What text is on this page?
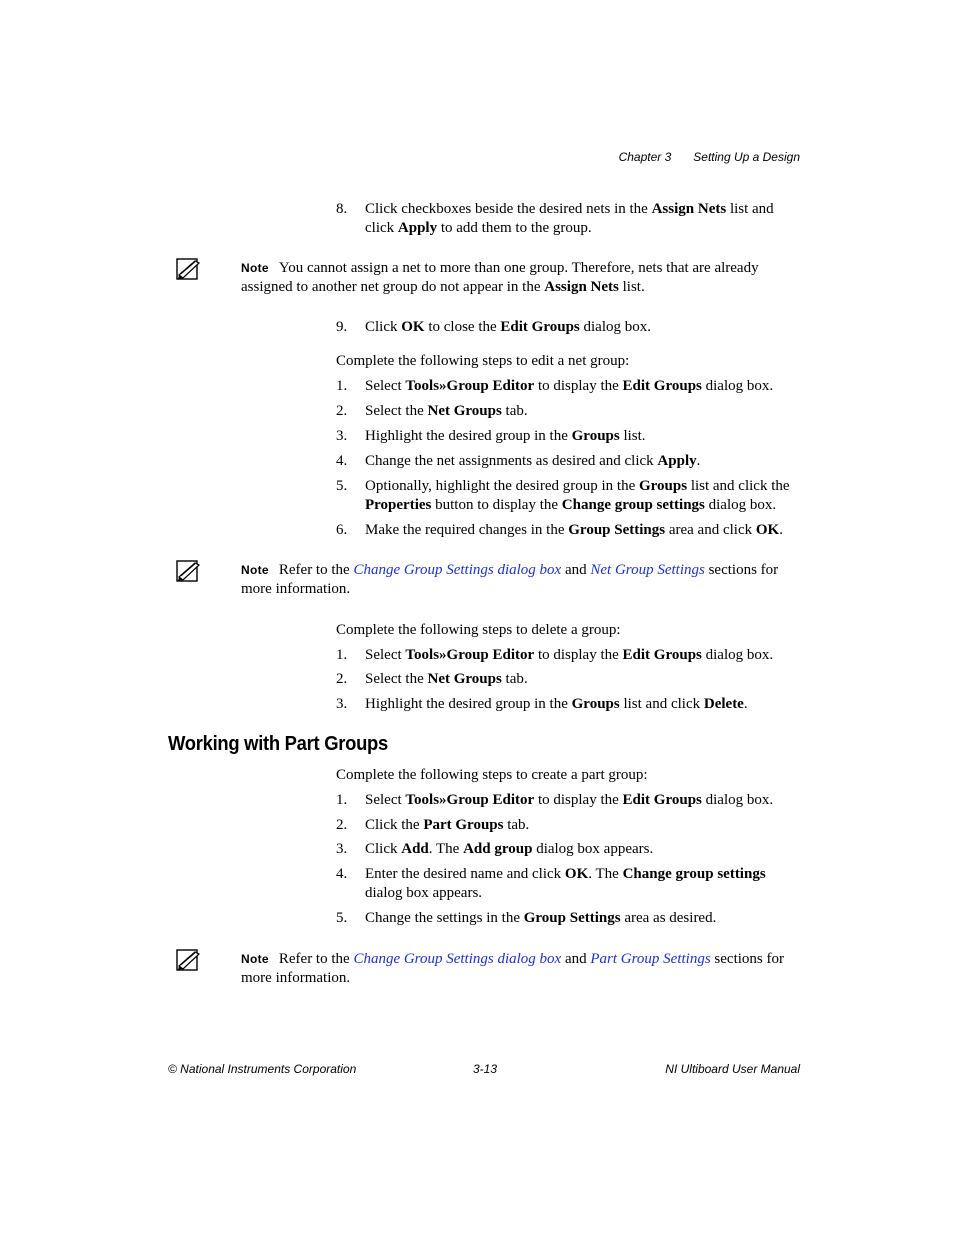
Chapter 3 Setting Up a Design
8.	Click checkboxes beside the desired nets in the Assign Nets list and click Apply to add them to the group.
Note You cannot assign a net to more than one group. Therefore, nets that are already assigned to another net group do not appear in the Assign Nets list.
9.	Click OK to close the Edit Groups dialog box.
Complete the following steps to edit a net group:
1.	Select Tools»Group Editor to display the Edit Groups dialog box.
2.	Select the Net Groups tab.
3.	Highlight the desired group in the Groups list.
4.	Change the net assignments as desired and click Apply.
5.	Optionally, highlight the desired group in the Groups list and click the Properties button to display the Change group settings dialog box.
6.	Make the required changes in the Group Settings area and click OK.
Note Refer to the Change Group Settings dialog box and Net Group Settings sections for more information.
Complete the following steps to delete a group:
1.	Select Tools»Group Editor to display the Edit Groups dialog box.
2.	Select the Net Groups tab.
3.	Highlight the desired group in the Groups list and click Delete.
Working with Part Groups
Complete the following steps to create a part group:
1.	Select Tools»Group Editor to display the Edit Groups dialog box.
2.	Click the Part Groups tab.
3.	Click Add. The Add group dialog box appears.
4.	Enter the desired name and click OK. The Change group settings dialog box appears.
5.	Change the settings in the Group Settings area as desired.
Note Refer to the Change Group Settings dialog box and Part Group Settings sections for more information.
© National Instruments Corporation	3-13	NI Ultiboard User Manual
